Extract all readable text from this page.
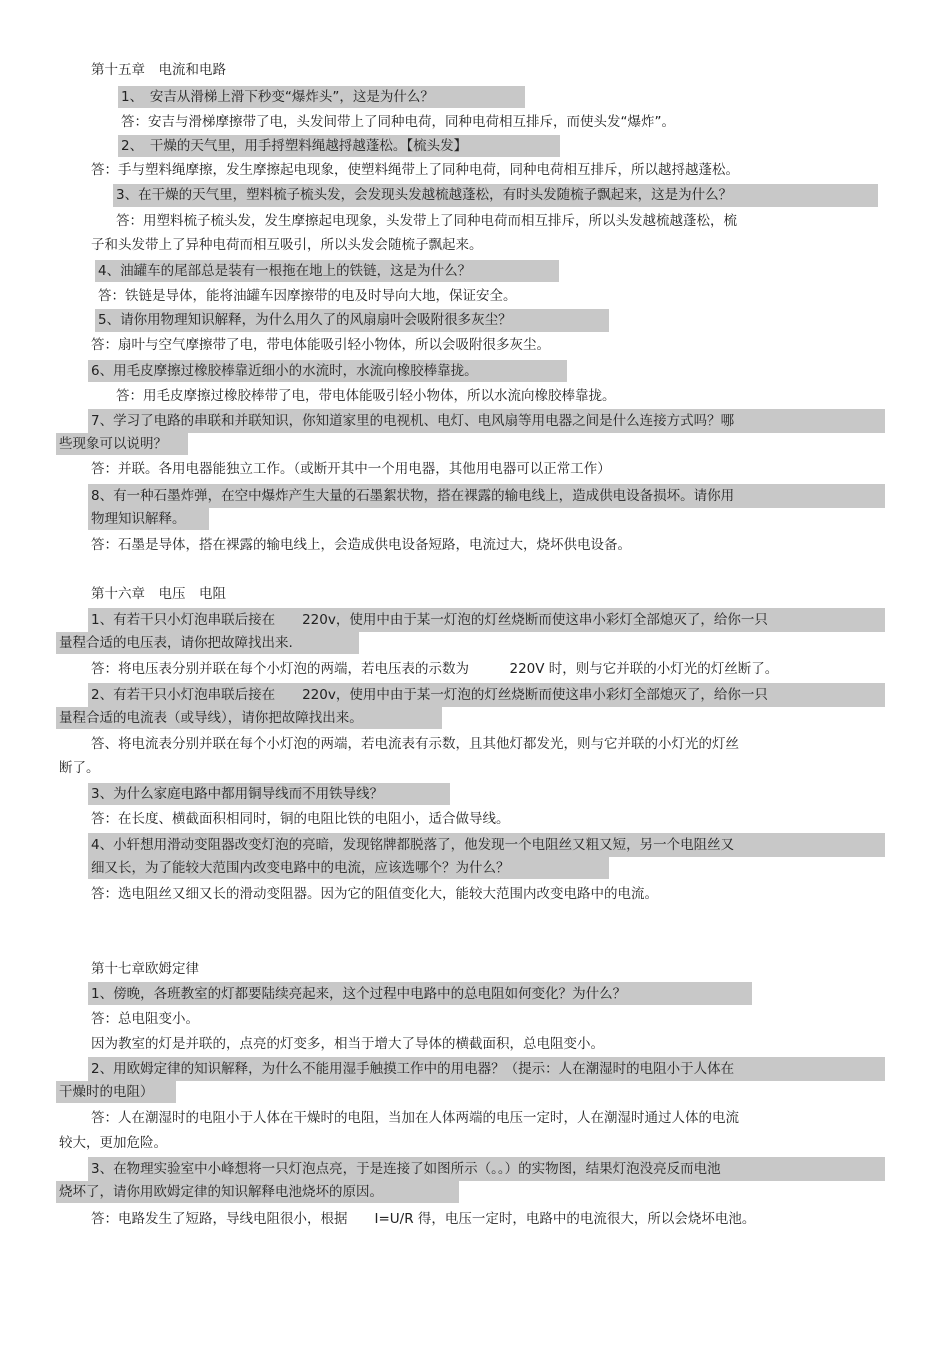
第十五章　电流和电路
1、　安吉从滑梯上滑下秒变“爆炸头”，这是为什么？
答：安吉与滑梯摩擦带了电，头发间带上了同种电荷，同种电荷相互排斥，而使头发“爆炸”。
2、　干燥的天气里，用手捋塑料绳越捋越蓬松。【梳头发】
答：手与塑料绳摩擦，发生摩擦起电现象，使塑料绳带上了同种电荷，同种电荷相互排斥，所以越捋越蓬松。
3、在干燥的天气里，塑料梳子梳头发，会发现头发越梳越蓬松，有时头发随梳子飘起来，这是为什么？
答：用塑料梳子梳头发，发生摩擦起电现象，头发带上了同种电荷而相互排斥，所以头发越梳越蓬松，梳
子和头发带上了异种电荷而相互吸引，所以头发会随梳子飘起来。
4、油罐车的尾部总是装有一根拖在地上的铁链，这是为什么？
答：铁链是导体，能将油罐车因摩擦带的电及时导向大地，保证安全。
5、请你用物理知识解释，为什么用久了的风扇扇叶会吸附很多灰尘？
答：扇叶与空气摩擦带了电，带电体能吸引轻小物体，所以会吸附很多灰尘。
6、用毛皮摩擦过橡胶棒靠近细小的水流时，水流向橡胶棒靠拢。
答：用毛皮摩擦过橡胶棒带了电，带电体能吸引轻小物体，所以水流向橡胶棒靠拢。
7、学习了电路的串联和并联知识，你知道家里的电视机、电灯、电风扇等用电器之间是什么连接方式吗？哪
些现象可以说明？
答：并联。各用电器能独立工作。（或断开其中一个用电器，其他用电器可以正常工作）
8、有一种石墨炸弹，在空中爆炸产生大量的石墨絮状物，搭在裸露的输电线上，造成供电设备损坏。请你用
物理知识解释。
答：石墨是导体，搭在裸露的输电线上，会造成供电设备短路，电流过大，烧坏供电设备。
第十六章　电压　电阻
1、有若干只小灯泡串联后接在　　220v，使用中由于某一灯泡的灯丝烧断而使这串小彩灯全部熄灭了，给你一只
量程合适的电压表，请你把故障找出来.
答：将电压表分别并联在每个小灯泡的两端，若电压表的示数为　　　220V 时，则与它并联的小灯光的灯丝断了。
2、有若干只小灯泡串联后接在　　220v，使用中由于某一灯泡的灯丝烧断而使这串小彩灯全部熄灭了，给你一只
量程合适的电流表（或导线），请你把故障找出来。
答、将电流表分别并联在每个小灯泡的两端，若电流表有示数，且其他灯都发光，则与它并联的小灯光的灯丝
断了。
3、为什么家庭电路中都用铜导线而不用铁导线？
答：在长度、横截面积相同时，铜的电阻比铁的电阻小，适合做导线。
4、小轩想用滑动变阻器改变灯泡的亮暗，发现铭牌都脱落了，他发现一个电阻丝又粗又短，另一个电阻丝又
细又长，为了能较大范围内改变电路中的电流，应该选哪个？为什么？
答：选电阻丝又细又长的滑动变阻器。因为它的阻值变化大，能较大范围内改变电路中的电流。
第十七章欧姆定律
1、傍晚，各班教室的灯都要陆续亮起来，这个过程中电路中的总电阻如何变化？为什么？
答：总电阻变小。
因为教室的灯是并联的，点亮的灯变多，相当于增大了导体的横截面积，总电阻变小。
2、用欧姆定律的知识解释，为什么不能用湿手触摸工作中的用电器？（提示：人在潮湿时的电阻小于人体在
干燥时的电阻）
答：人在潮湿时的电阻小于人体在干燥时的电阻，当加在人体两端的电压一定时，人在潮湿时通过人体的电流
较大，更加危险。
3、在物理实验室中小峰想将一只灯泡点亮，于是连接了如图所示（。。）的实物图，结果灯泡没亮反而电池
烧坏了，请你用欧姆定律的知识解释电池烧坏的原因。
答：电路发生了短路，导线电阻很小，根据　　I=U/R 得，电压一定时，电路中的电流很大，所以会烧坏电池。
